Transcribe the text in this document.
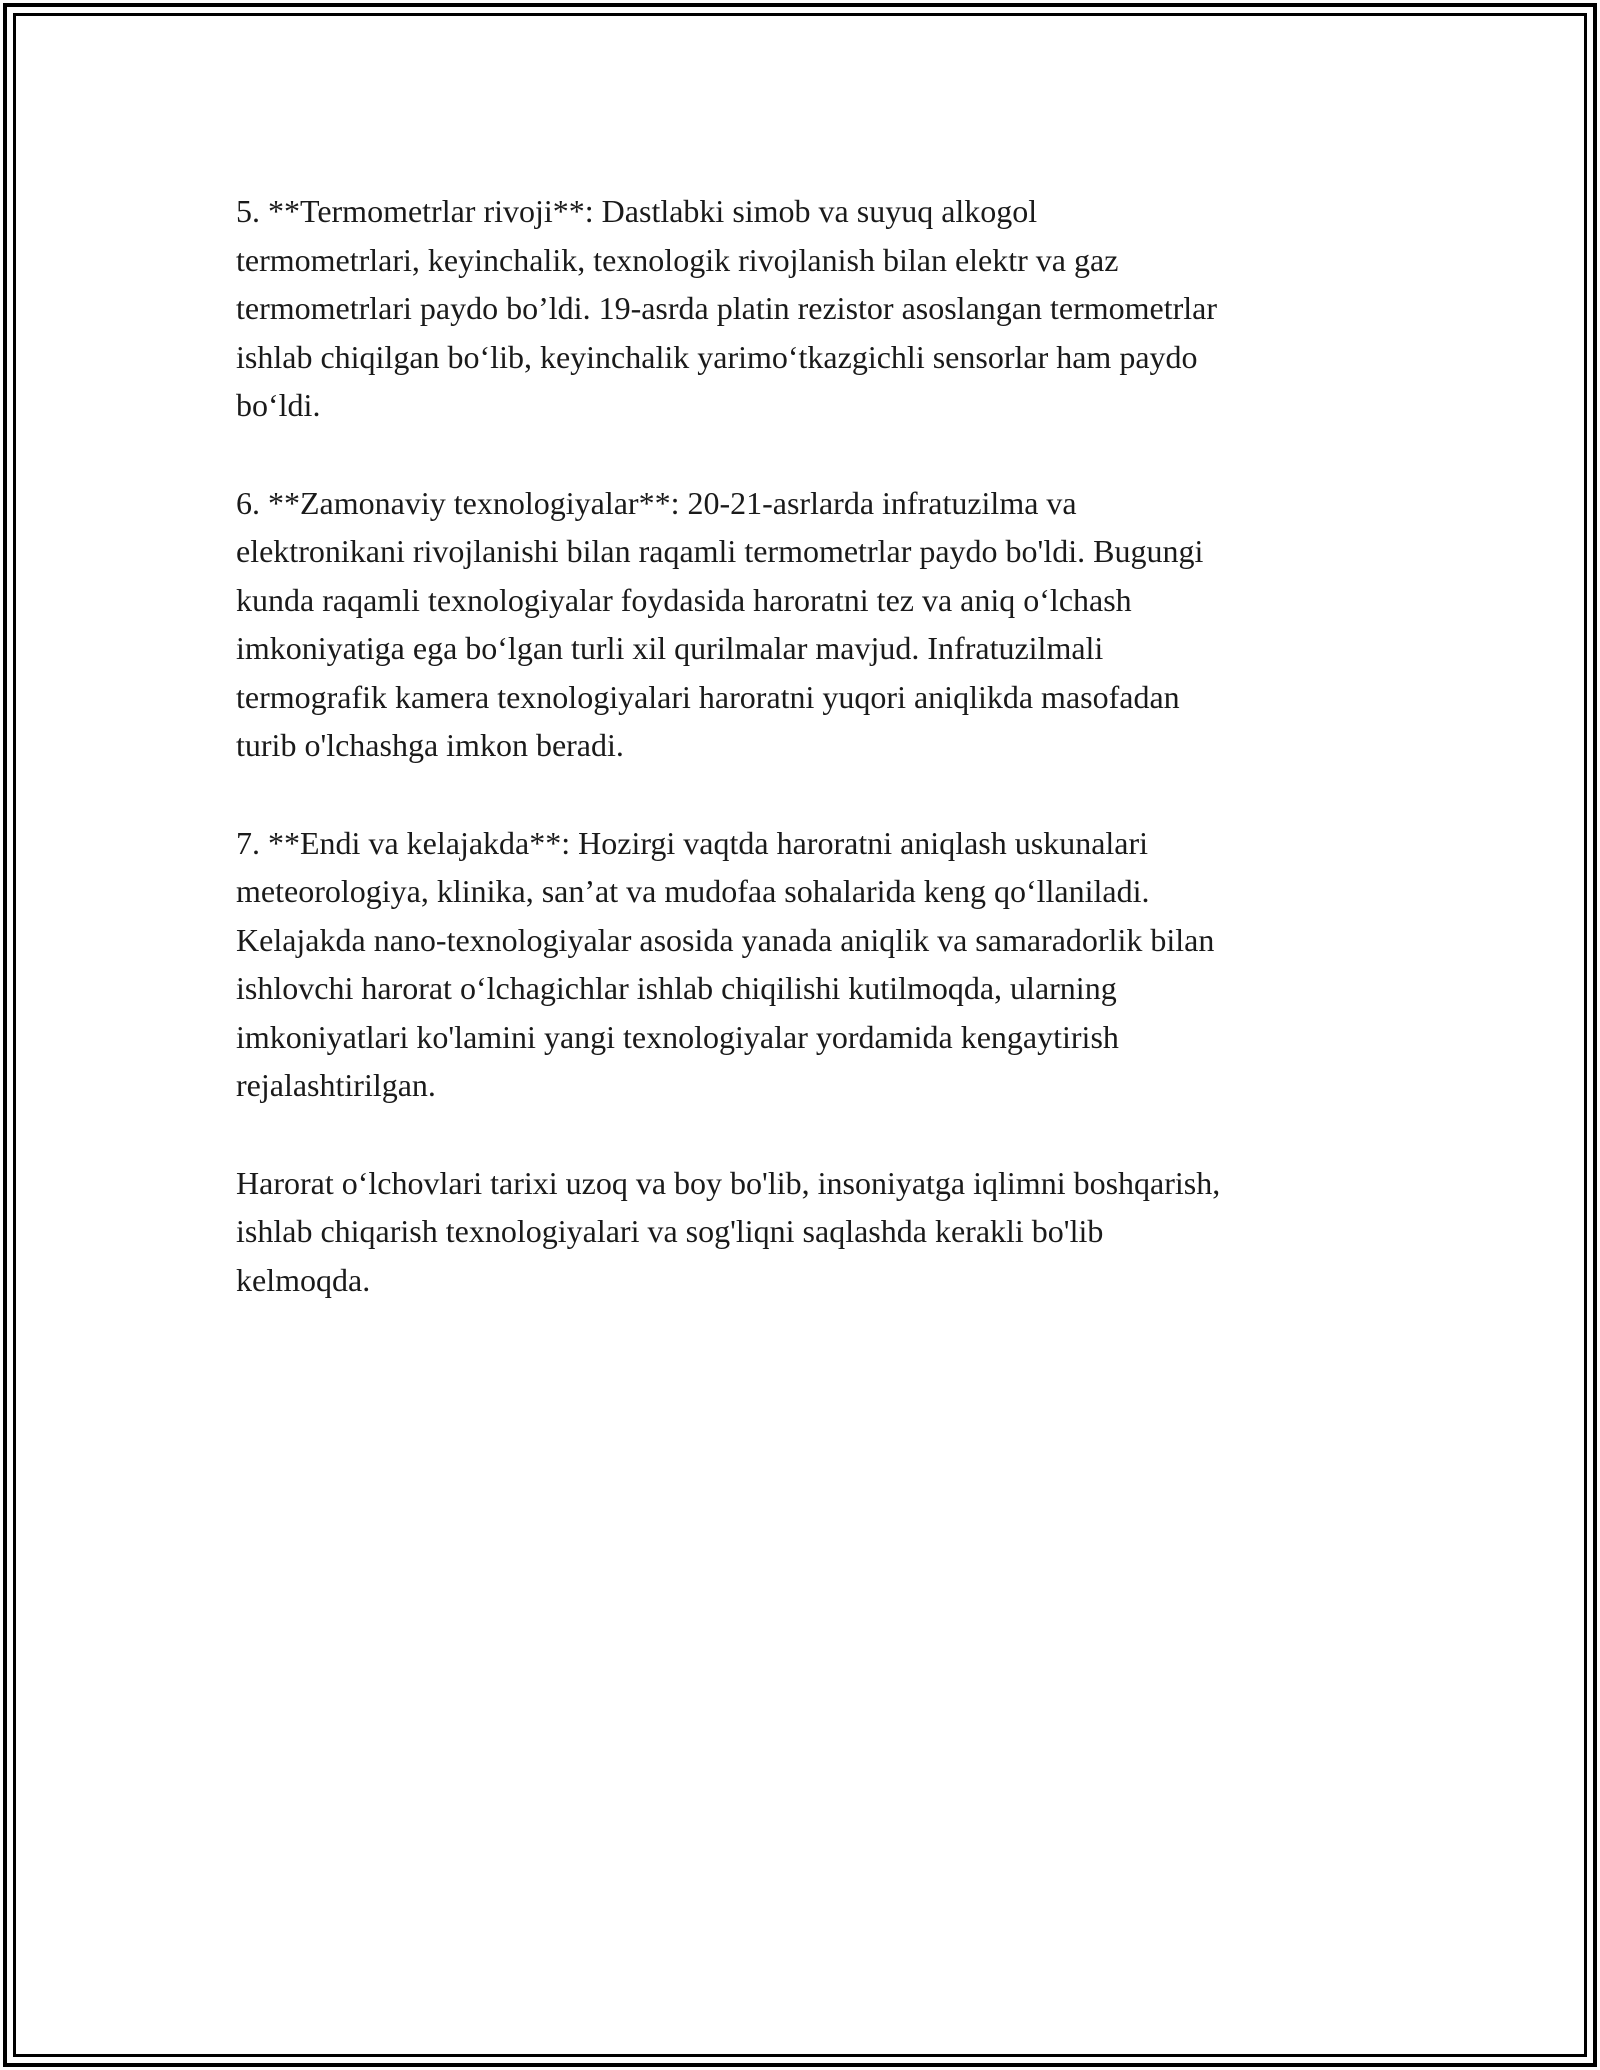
5. **Termometrlar rivoji**: Dastlabki simob va suyuq alkogol
termometrlari, keyinchalik, texnologik rivojlanish bilan elektr va gaz
termometrlari paydo bo’ldi. 19-asrda platin rezistor asoslangan termometrlar
ishlab chiqilgan bo‘lib, keyinchalik yarimo‘tkazgichli sensorlar ham paydo
bo‘ldi.

6. **Zamonaviy texnologiyalar**: 20-21-asrlarda infratuzilma va
elektronikani rivojlanishi bilan raqamli termometrlar paydo bo'ldi. Bugungi
kunda raqamli texnologiyalar foydasida haroratni tez va aniq o‘lchash
imkoniyatiga ega bo‘lgan turli xil qurilmalar mavjud. Infratuzilmali
termografik kamera texnologiyalari haroratni yuqori aniqlikda masofadan
turib o'lchashga imkon beradi.

7. **Endi va kelajakda**: Hozirgi vaqtda haroratni aniqlash uskunalari
meteorologiya, klinika, san’at va mudofaa sohalarida keng qo‘llaniladi.
Kelajakda nano-texnologiyalar asosida yanada aniqlik va samaradorlik bilan
ishlovchi harorat o‘lchagichlar ishlab chiqilishi kutilmoqda, ularning
imkoniyatlari ko'lamini yangi texnologiyalar yordamida kengaytirish
rejalashtirilgan.

Harorat o‘lchovlari tarixi uzoq va boy bo'lib, insoniyatga iqlimni boshqarish,
ishlab chiqarish texnologiyalari va sog'liqni saqlashda kerakli bo'lib
kelmoqda.
